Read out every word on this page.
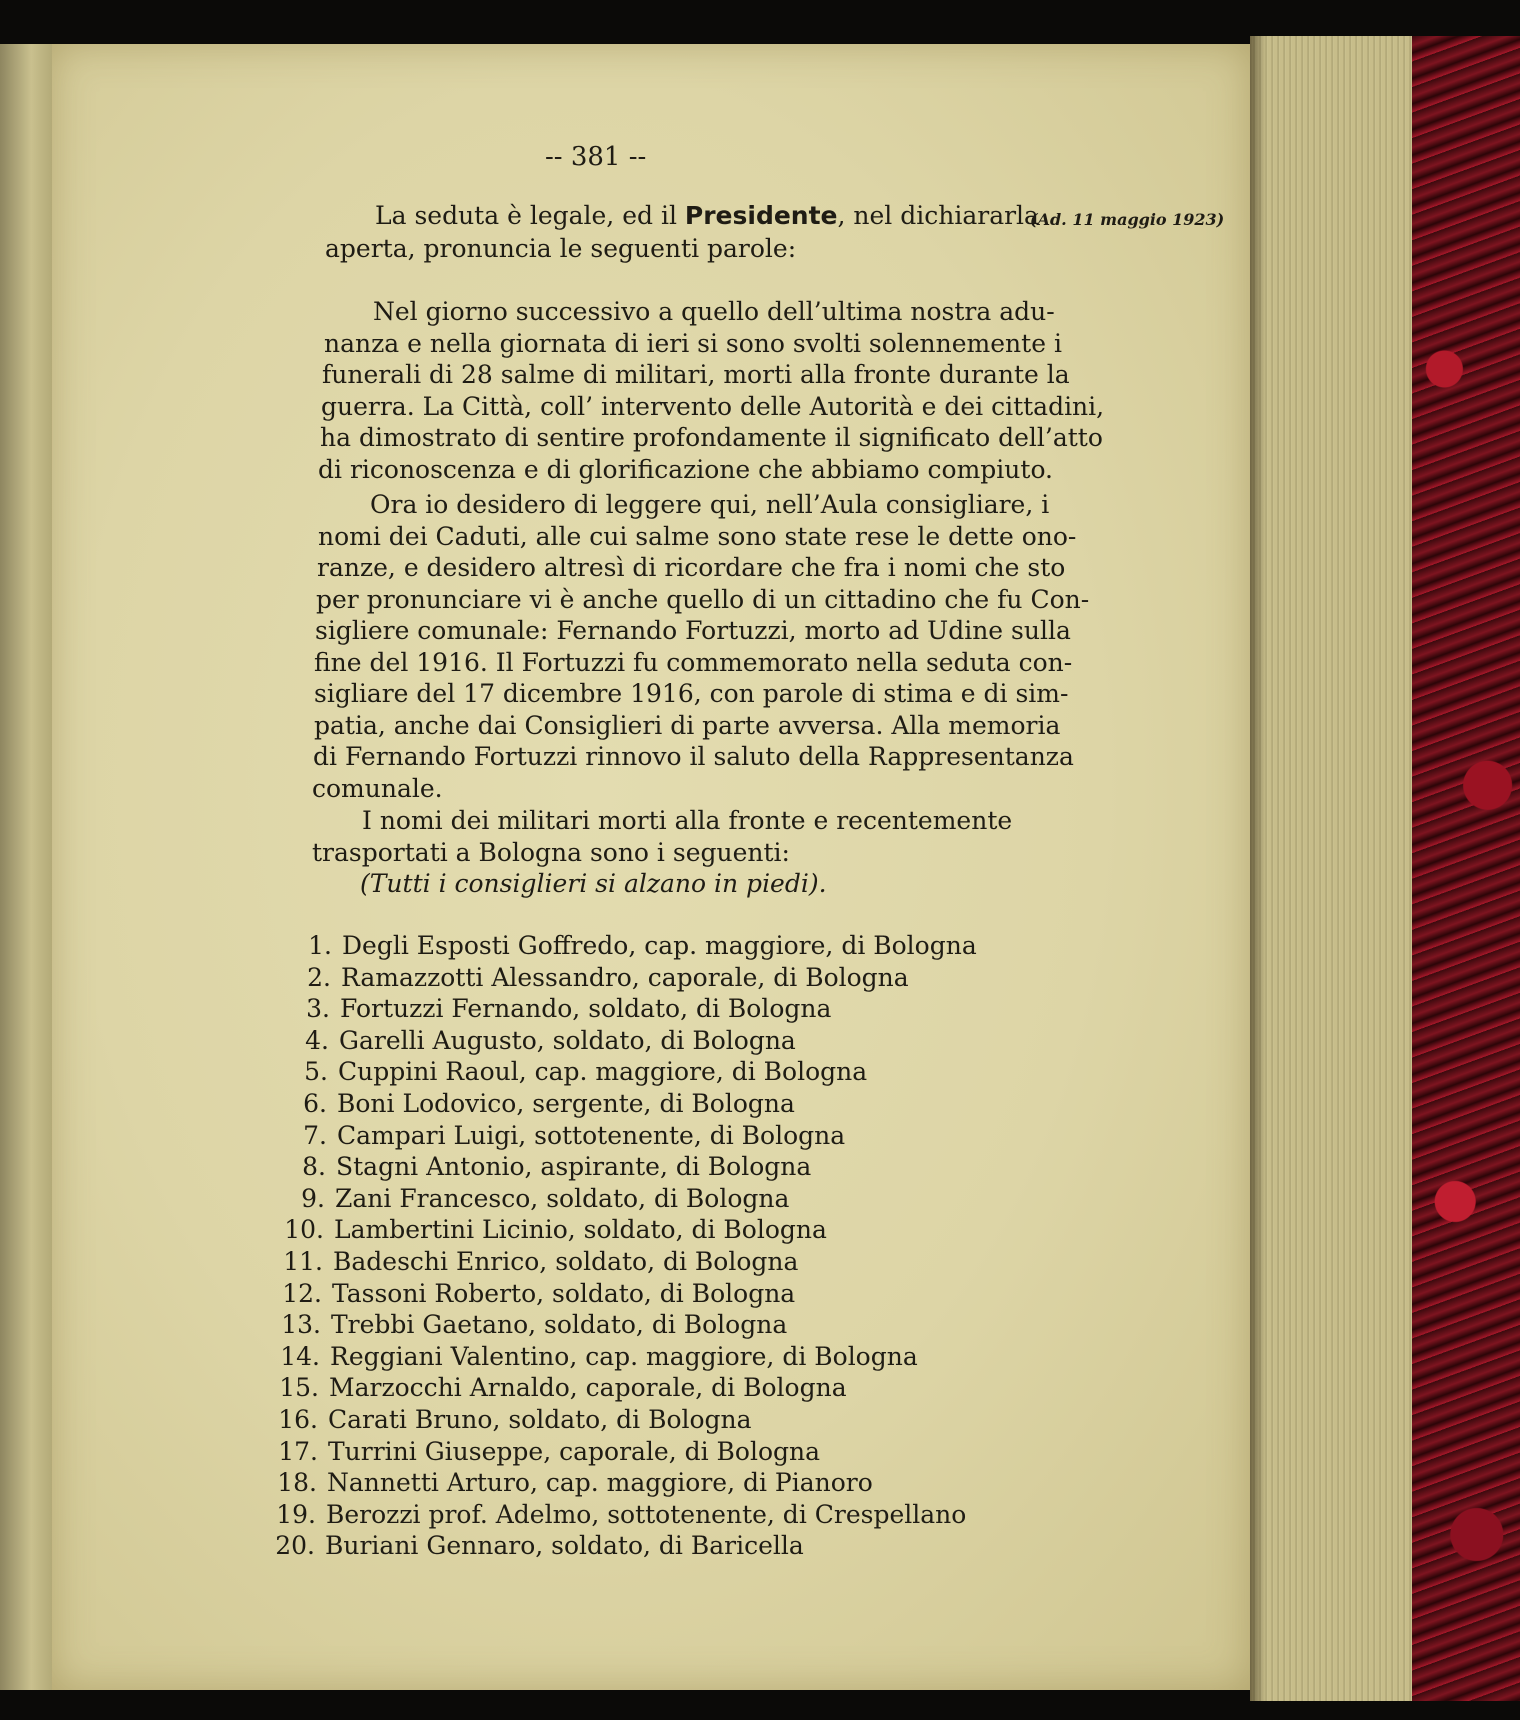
-- 381 --
(Ad. 11 maggio 1923)
La seduta è legale, ed il Presidente, nel dichiararla
aperta, pronuncia le seguenti parole:
Nel giorno successivo a quello dell’ultima nostra adu-
nanza e nella giornata di ieri si sono svolti solennemente i
funerali di 28 salme di militari, morti alla fronte durante la
guerra. La Città, coll’ intervento delle Autorità e dei cittadini,
ha dimostrato di sentire profondamente il significato dell’atto
di riconoscenza e di glorificazione che abbiamo compiuto.
Ora io desidero di leggere qui, nell’Aula consigliare, i
nomi dei Caduti, alle cui salme sono state rese le dette ono-
ranze, e desidero altresì di ricordare che fra i nomi che sto
per pronunciare vi è anche quello di un cittadino che fu Con-
sigliere comunale: Fernando Fortuzzi, morto ad Udine sulla
fine del 1916. Il Fortuzzi fu commemorato nella seduta con-
sigliare del 17 dicembre 1916, con parole di stima e di sim-
patia, anche dai Consiglieri di parte avversa. Alla memoria
di Fernando Fortuzzi rinnovo il saluto della Rappresentanza
comunale.
I nomi dei militari morti alla fronte e recentemente
trasportati a Bologna sono i seguenti:
(Tutti i consiglieri si alzano in piedi).
1. Degli Esposti Goffredo, cap. maggiore, di Bologna
2. Ramazzotti Alessandro, caporale, di Bologna
3. Fortuzzi Fernando, soldato, di Bologna
4. Garelli Augusto, soldato, di Bologna
5. Cuppini Raoul, cap. maggiore, di Bologna
6. Boni Lodovico, sergente, di Bologna
7. Campari Luigi, sottotenente, di Bologna
8. Stagni Antonio, aspirante, di Bologna
9. Zani Francesco, soldato, di Bologna
10. Lambertini Licinio, soldato, di Bologna
11. Badeschi Enrico, soldato, di Bologna
12. Tassoni Roberto, soldato, di Bologna
13. Trebbi Gaetano, soldato, di Bologna
14. Reggiani Valentino, cap. maggiore, di Bologna
15. Marzocchi Arnaldo, caporale, di Bologna
16. Carati Bruno, soldato, di Bologna
17. Turrini Giuseppe, caporale, di Bologna
18. Nannetti Arturo, cap. maggiore, di Pianoro
19. Berozzi prof. Adelmo, sottotenente, di Crespellano
20. Buriani Gennaro, soldato, di Baricella
